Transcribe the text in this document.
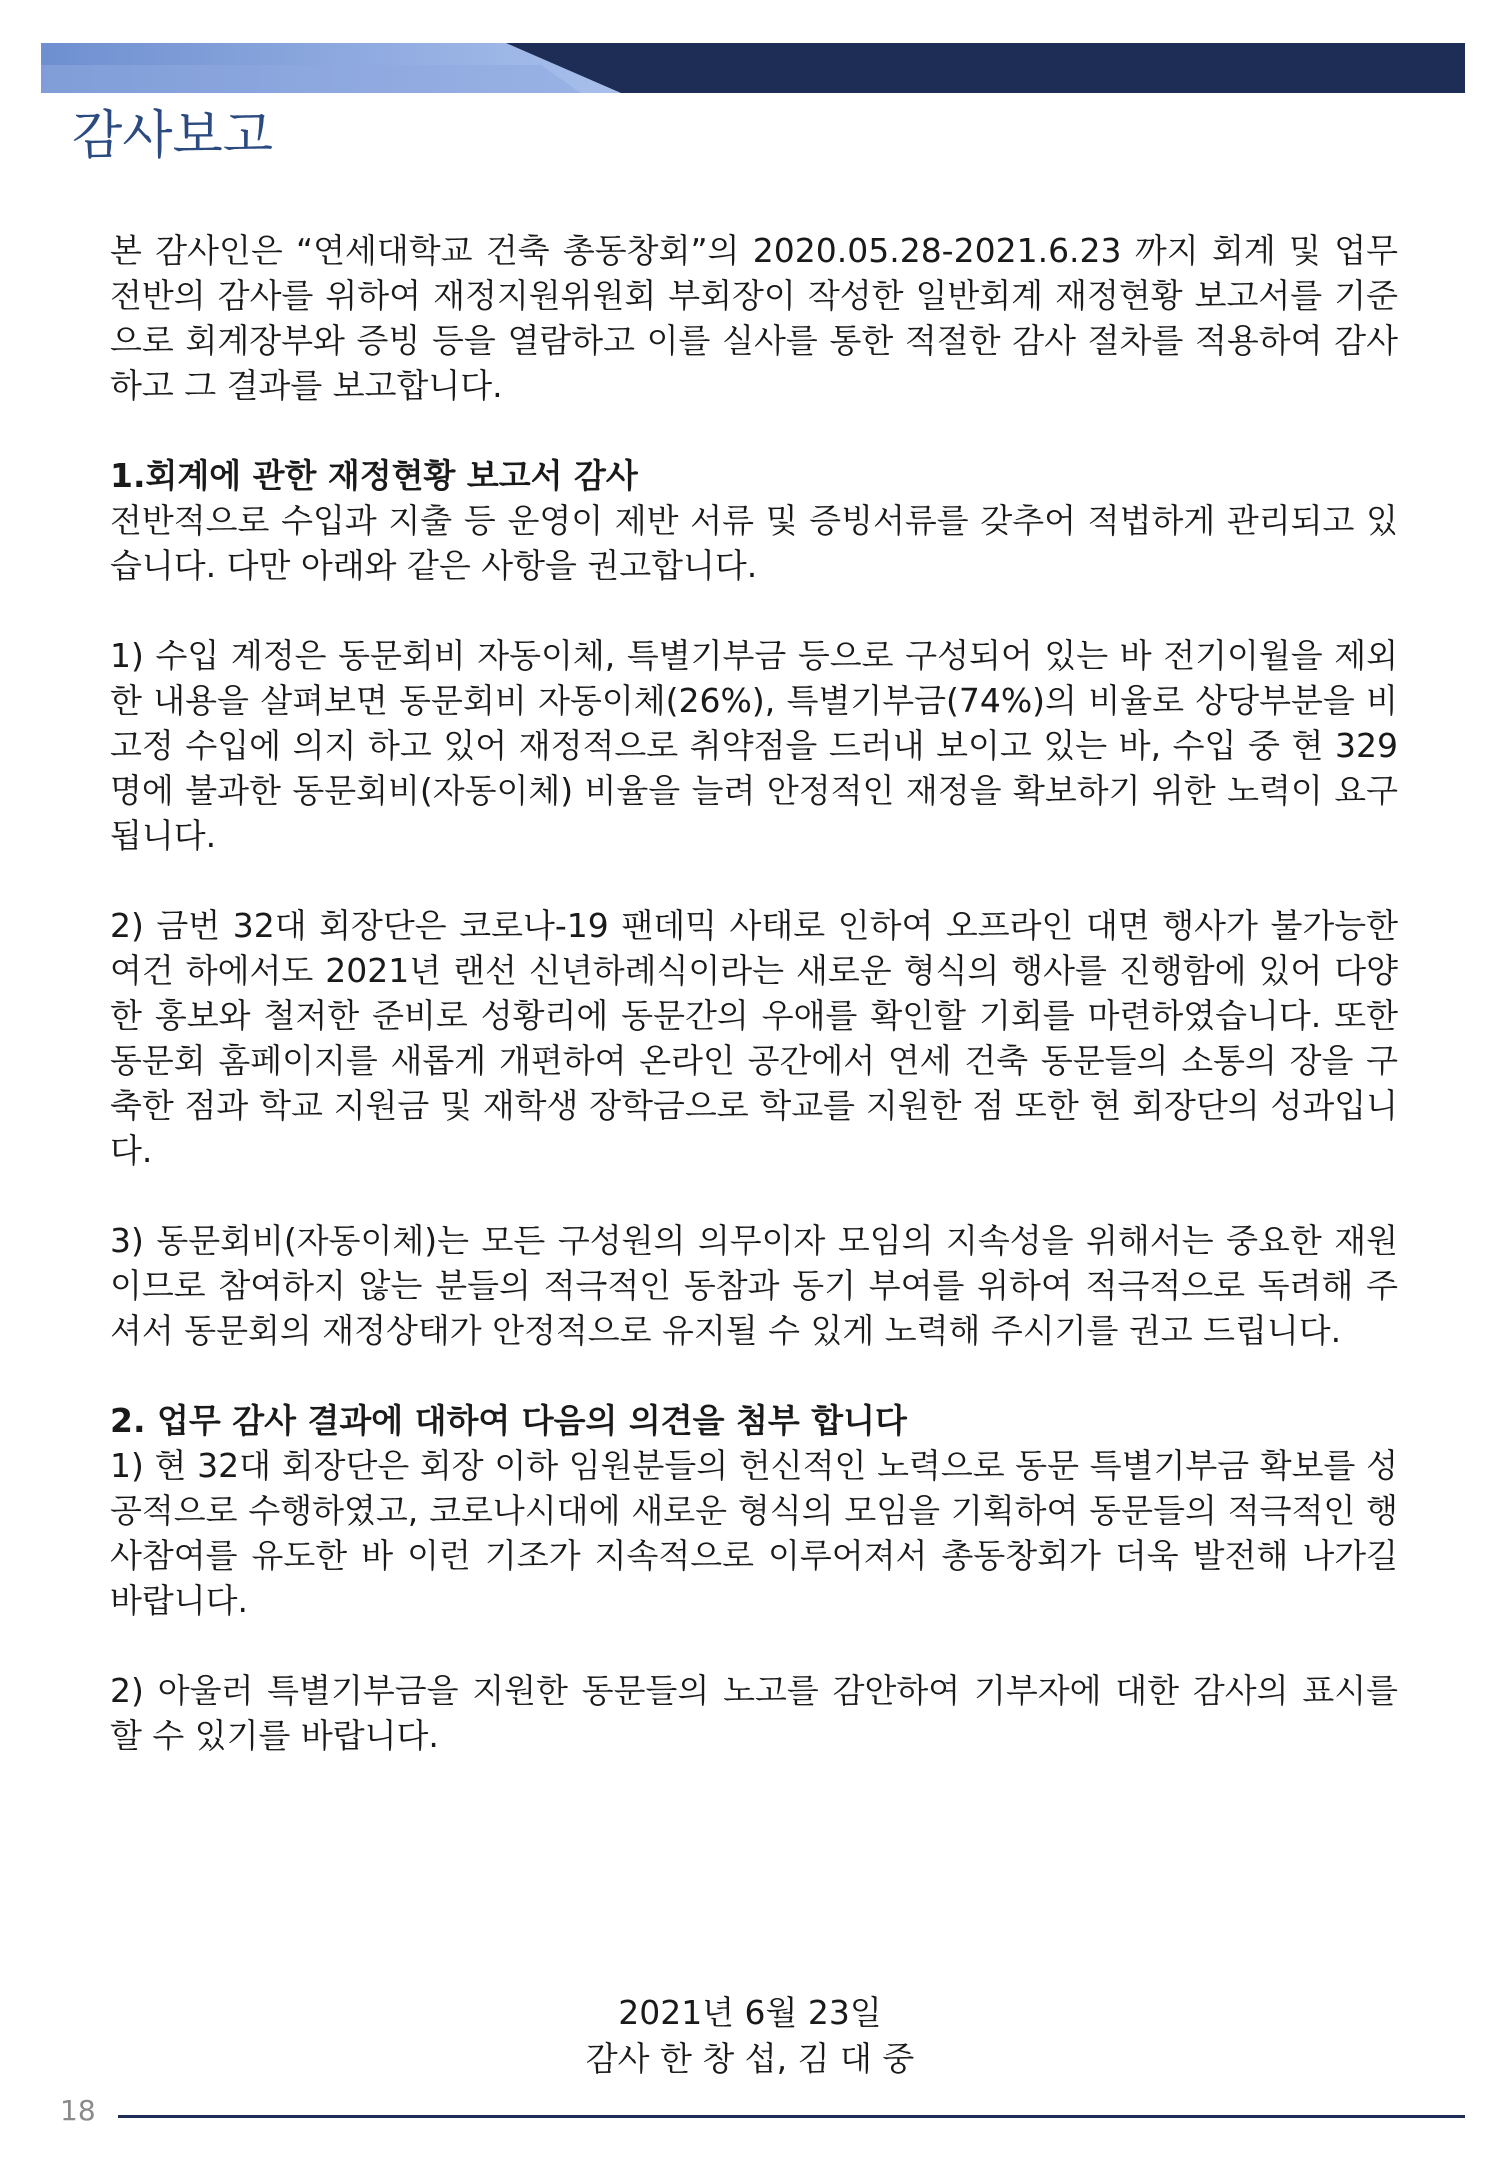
감사보고

본 감사인은 “연세대학교 건축 총동창회”의 2020.05.28-2021.6.23 까지 회계 및 업무 전반의 감사를 위하여 재정지원위원회 부회장이 작성한 일반회계 재정현황 보고서를 기준으로 회계장부와 증빙 등을 열람하고 이를 실사를 통한 적절한 감사 절차를 적용하여 감사하고 그 결과를 보고합니다.

1.회계에 관한 재정현황 보고서 감사

전반적으로 수입과 지출 등 운영이 제반 서류 및 증빙서류를 갖추어 적법하게 관리되고 있습니다. 다만 아래와 같은 사항을 권고합니다.

1) 수입 계정은 동문회비 자동이체, 특별기부금 등으로 구성되어 있는 바 전기이월을 제외한 내용을 살펴보면 동문회비 자동이체(26%), 특별기부금(74%)의 비율로 상당부분을 비고정 수입에 의지 하고 있어 재정적으로 취약점을 드러내 보이고 있는 바, 수입 중 현 329명에 불과한 동문회비(자동이체) 비율을 늘려 안정적인 재정을 확보하기 위한 노력이 요구됩니다.

2) 금번 32대 회장단은 코로나-19 팬데믹 사태로 인하여 오프라인 대면 행사가 불가능한 여건 하에서도 2021년 랜선 신년하례식이라는 새로운 형식의 행사를 진행함에 있어 다양한 홍보와 철저한 준비로 성황리에 동문간의 우애를 확인할 기회를 마련하였습니다. 또한 동문회 홈페이지를 새롭게 개편하여 온라인 공간에서 연세 건축 동문들의 소통의 장을 구축한 점과 학교 지원금 및 재학생 장학금으로 학교를 지원한 점 또한 현 회장단의 성과입니다.

3) 동문회비(자동이체)는 모든 구성원의 의무이자 모임의 지속성을 위해서는 중요한 재원이므로 참여하지 않는 분들의 적극적인 동참과 동기 부여를 위하여 적극적으로 독려해 주셔서 동문회의 재정상태가 안정적으로 유지될 수 있게 노력해 주시기를 권고 드립니다.

2. 업무 감사 결과에 대하여 다음의 의견을 첨부 합니다

1) 현 32대 회장단은 회장 이하 임원분들의 헌신적인 노력으로 동문 특별기부금 확보를 성공적으로 수행하였고, 코로나시대에 새로운 형식의 모임을 기획하여 동문들의 적극적인 행사참여를 유도한 바 이런 기조가 지속적으로 이루어져서 총동창회가 더욱 발전해 나가길 바랍니다.

2) 아울러 특별기부금을 지원한 동문들의 노고를 감안하여 기부자에 대한 감사의 표시를 할 수 있기를 바랍니다.

2021년 6월 23일
감사 한 창 섭, 김 대 중
18
